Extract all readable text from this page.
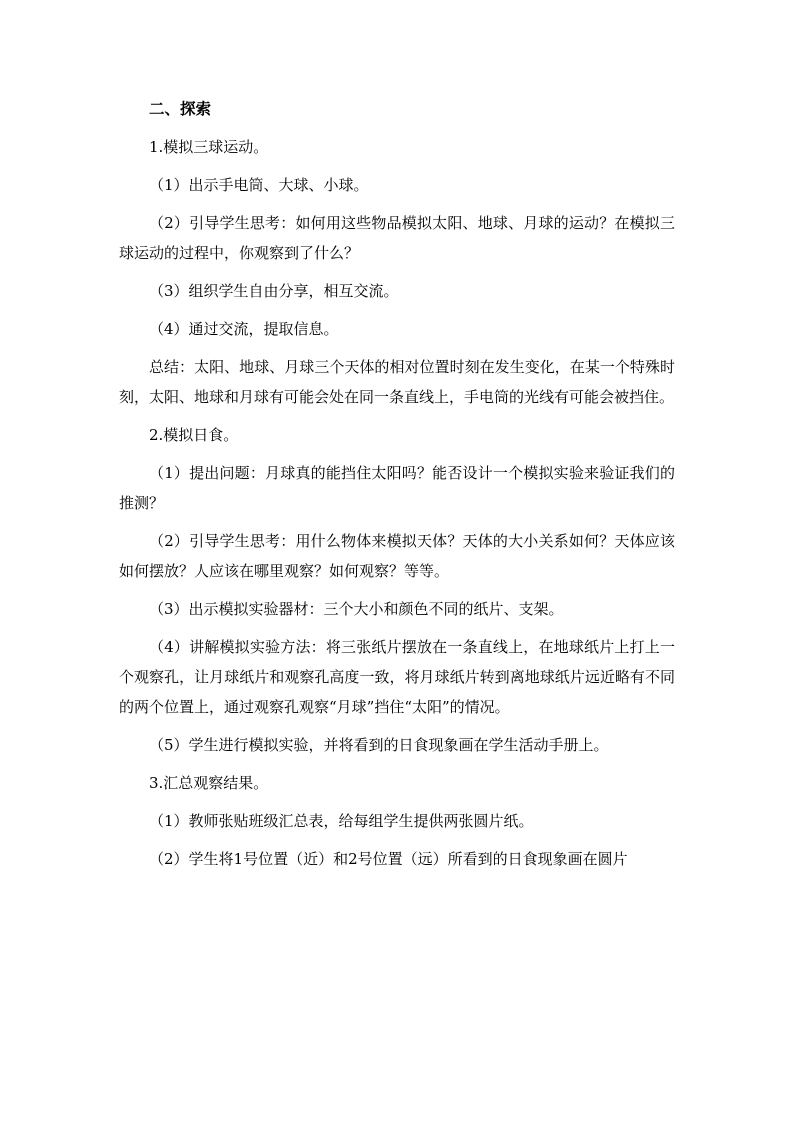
二、探索

1.模拟三球运动。

（1）出示手电筒、大球、小球。

（2）引导学生思考：如何用这些物品模拟太阳、地球、月球的运动？在模拟三球运动的过程中，你观察到了什么？

（3）组织学生自由分享，相互交流。

（4）通过交流，提取信息。

总结：太阳、地球、月球三个天体的相对位置时刻在发生变化，在某一个特殊时刻，太阳、地球和月球有可能会处在同一条直线上，手电筒的光线有可能会被挡住。

2.模拟日食。

（1）提出问题：月球真的能挡住太阳吗？能否设计一个模拟实验来验证我们的推测？

（2）引导学生思考：用什么物体来模拟天体？天体的大小关系如何？天体应该如何摆放？人应该在哪里观察？如何观察？等等。

（3）出示模拟实验器材：三个大小和颜色不同的纸片、支架。

（4）讲解模拟实验方法：将三张纸片摆放在一条直线上，在地球纸片上打上一个观察孔，让月球纸片和观察孔高度一致，将月球纸片转到离地球纸片远近略有不同的两个位置上，通过观察孔观察“月球”挡住“太阳”的情况。

（5）学生进行模拟实验，并将看到的日食现象画在学生活动手册上。

3.汇总观察结果。

（1）教师张贴班级汇总表，给每组学生提供两张圆片纸。

（2）学生将1号位置（近）和2号位置（远）所看到的日食现象画在圆片
